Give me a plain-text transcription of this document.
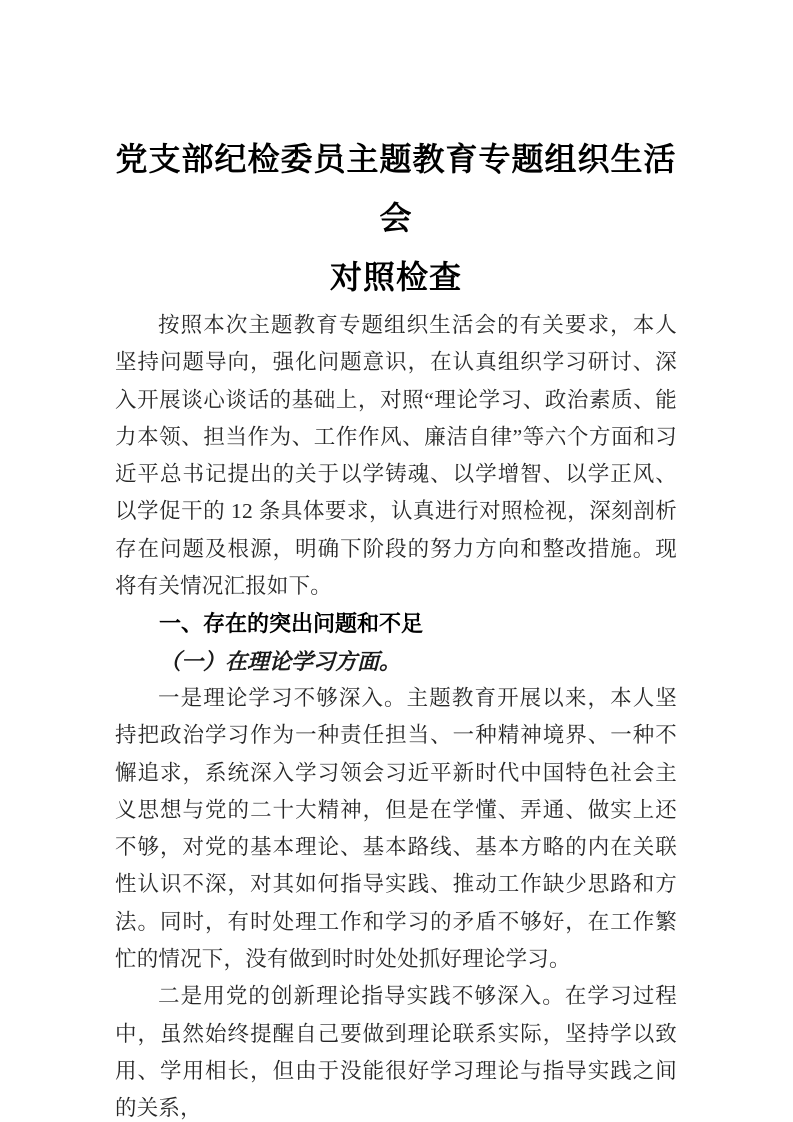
党支部纪检委员主题教育专题组织生活会
对照检查

按照本次主题教育专题组织生活会的有关要求，本人坚持问题导向，强化问题意识，在认真组织学习研讨、深入开展谈心谈话的基础上，对照“理论学习、政治素质、能力本领、担当作为、工作作风、廉洁自律”等六个方面和习近平总书记提出的关于以学铸魂、以学增智、以学正风、以学促干的 12 条具体要求，认真进行对照检视，深刻剖析存在问题及根源，明确下阶段的努力方向和整改措施。现将有关情况汇报如下。

一、存在的突出问题和不足

（一）在理论学习方面。

一是理论学习不够深入。主题教育开展以来，本人坚持把政治学习作为一种责任担当、一种精神境界、一种不懈追求，系统深入学习领会习近平新时代中国特色社会主义思想与党的二十大精神，但是在学懂、弄通、做实上还不够，对党的基本理论、基本路线、基本方略的内在关联性认识不深，对其如何指导实践、推动工作缺少思路和方法。同时，有时处理工作和学习的矛盾不够好，在工作繁忙的情况下，没有做到时时处处抓好理论学习。

二是用党的创新理论指导实践不够深入。在学习过程中，虽然始终提醒自己要做到理论联系实际，坚持学以致用、学用相长，但由于没能很好学习理论与指导实践之间的关系，
